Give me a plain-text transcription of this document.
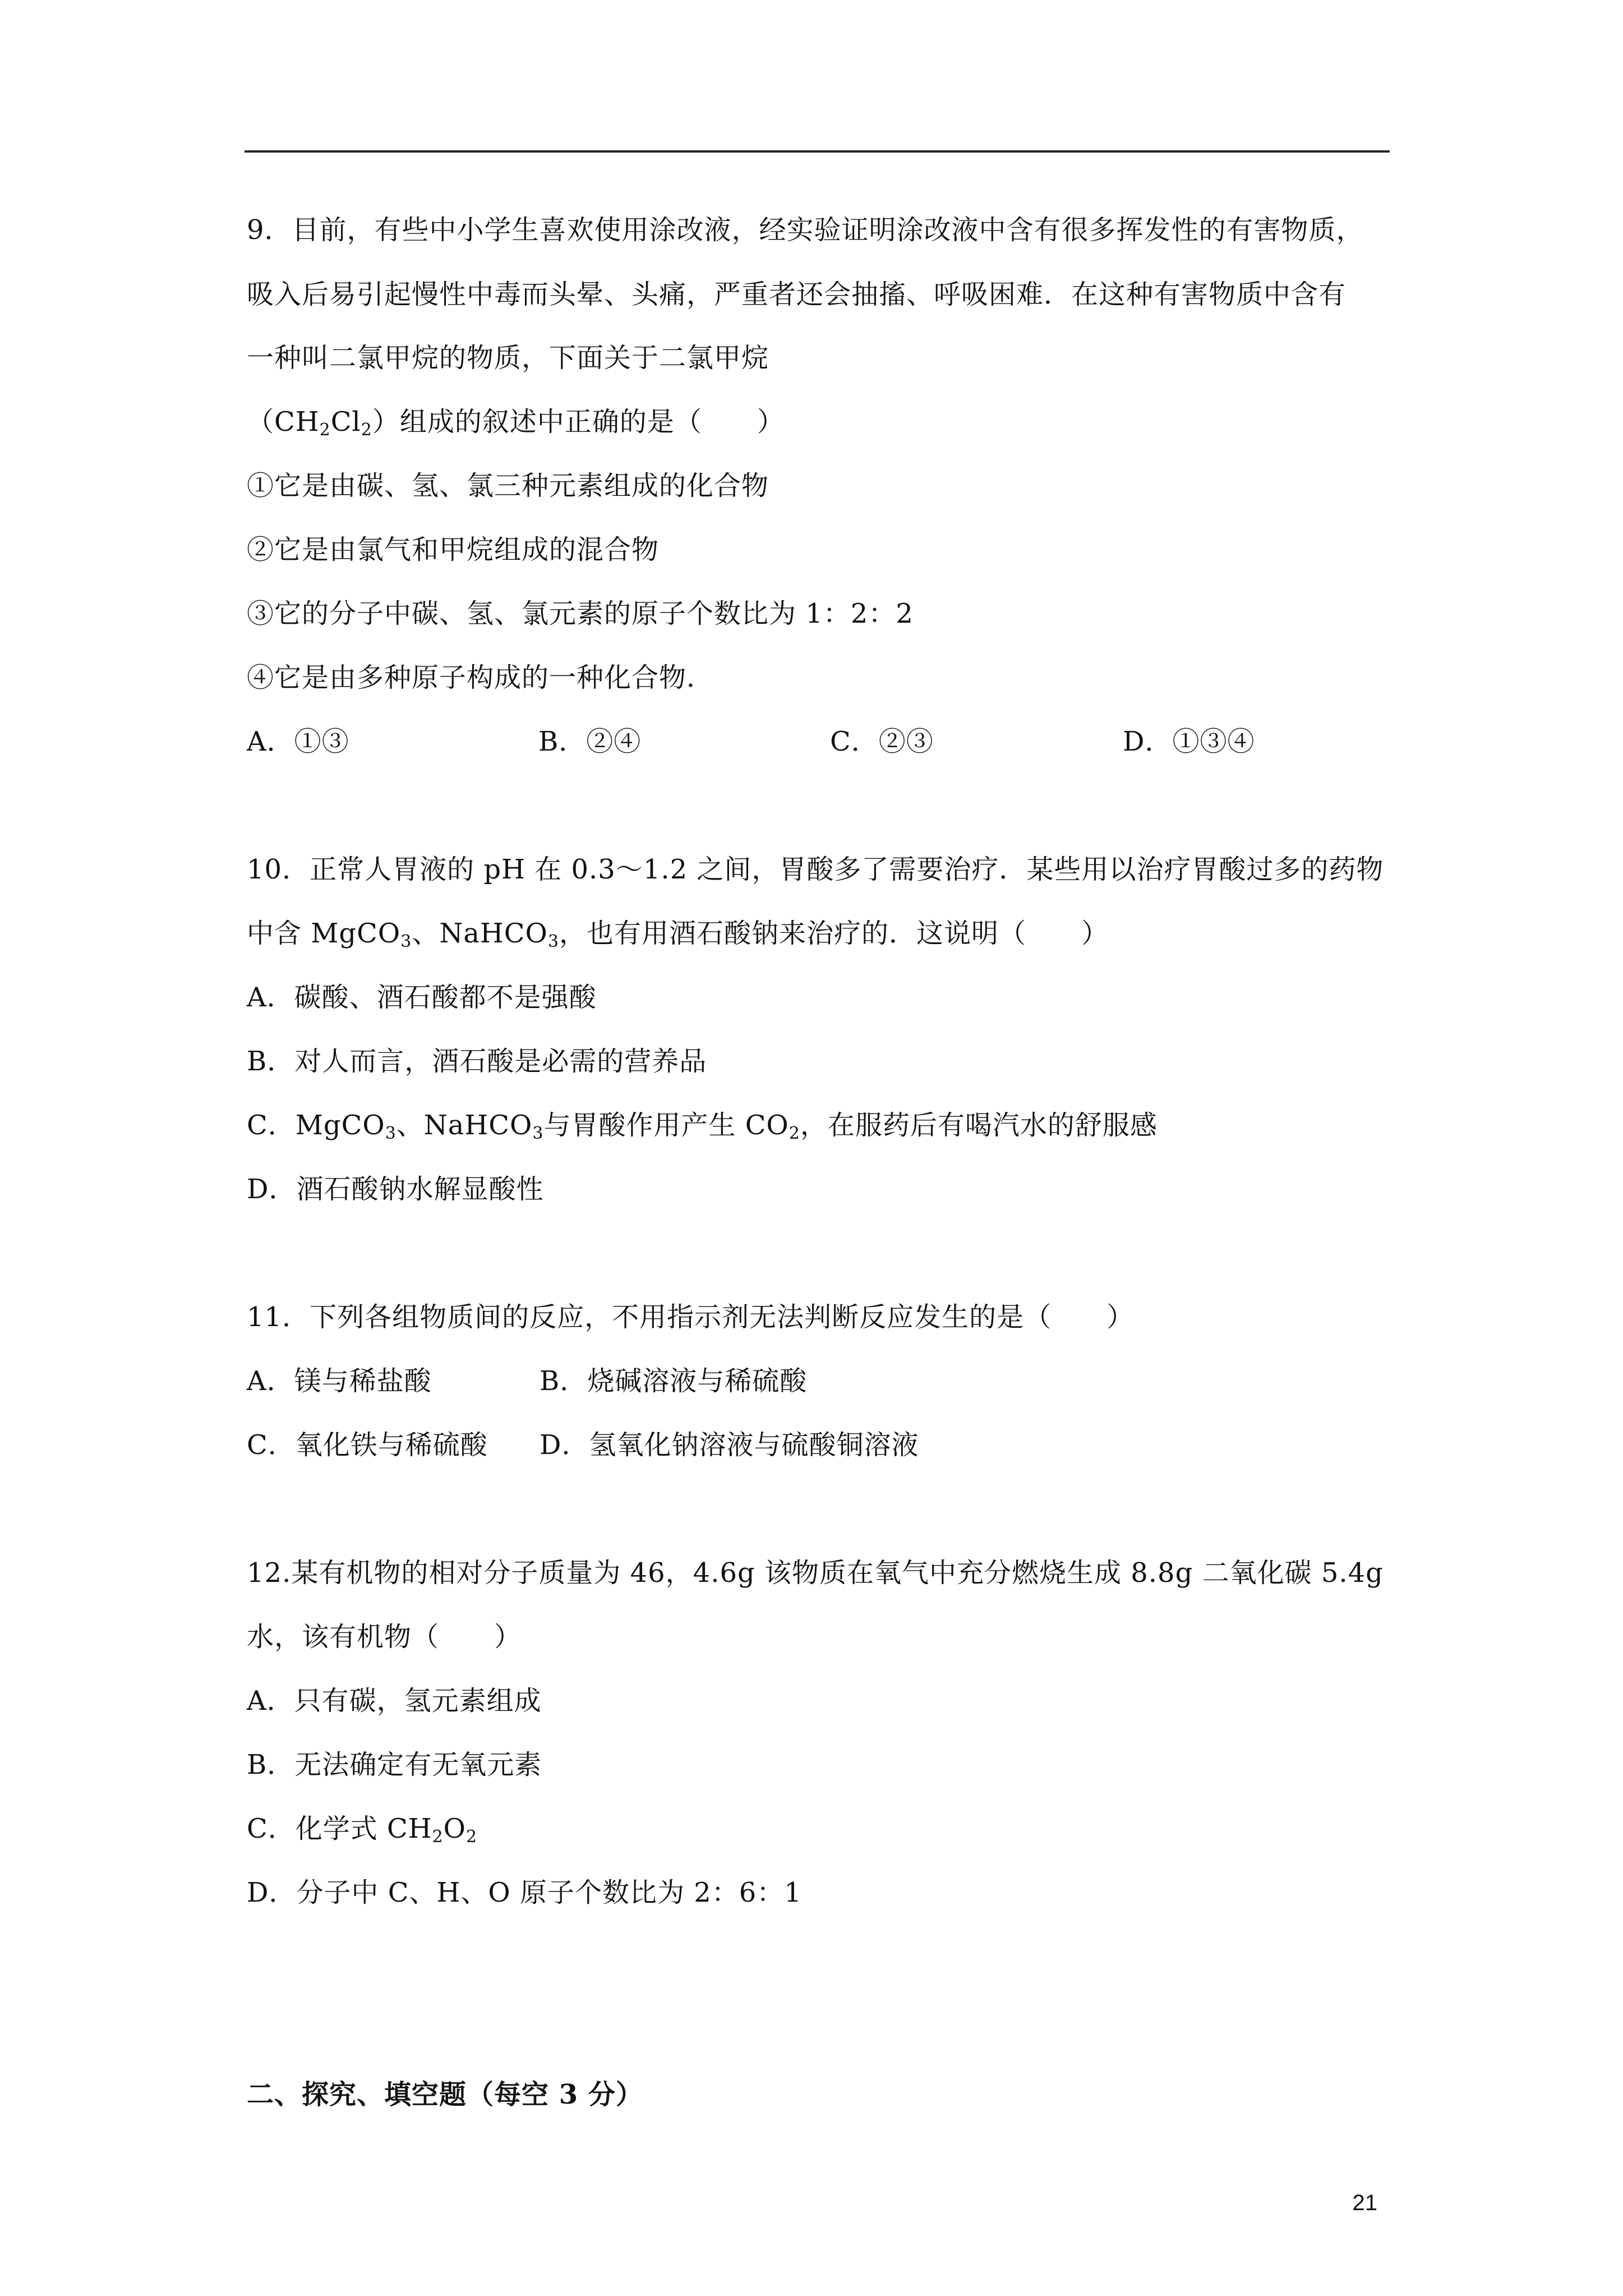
9．目前，有些中小学生喜欢使用涂改液，经实验证明涂改液中含有很多挥发性的有害物质，
吸入后易引起慢性中毒而头晕、头痛，严重者还会抽搐、呼吸困难．在这种有害物质中含有
一种叫二氯甲烷的物质，下面关于二氯甲烷
$(CH_2Cl_2)$组成的叙述中正确的是（　　）
①它是由碳、氢、氯三种元素组成的化合物
②它是由氯气和甲烷组成的混合物
③它的分子中碳、氢、氯元素的原子个数比为 1：2：2
④它是由多种原子构成的一种化合物．
A．①③	B．②④	C．②③	D．①③④
10．正常人胃液的 pH 在 0.3～1.2 之间，胃酸多了需要治疗．某些用以治疗胃酸过多的药物
中含 MgCO$_3$、NaHCO$_3$，也有用酒石酸钠来治疗的．这说明（　　）
A．碳酸、酒石酸都不是强酸
B．对人而言，酒石酸是必需的营养品
C．MgCO$_3$、NaHCO$_3$与胃酸作用产生 $CO_2$，在服药后有喝汽水的舒服感
D．酒石酸钠水解显酸性
11．下列各组物质间的反应，不用指示剂无法判断反应发生的是（　　）
A．镁与稀盐酸	B．烧碱溶液与稀硫酸
C．氧化铁与稀硫酸 D．氢氧化钠溶液与硫酸铜溶液
12.某有机物的相对分子质量为 46，4.6g 该物质在氧气中充分燃烧生成 8.8g 二氧化碳 5.4g
水，该有机物（　　）
A．只有碳，氢元素组成
B．无法确定有无氧元素
C．化学式 $CH_2O_2$
D．分子中 C、H、O 原子个数比为 2：6：1
二、探究、填空题（每空 3 分）
21
